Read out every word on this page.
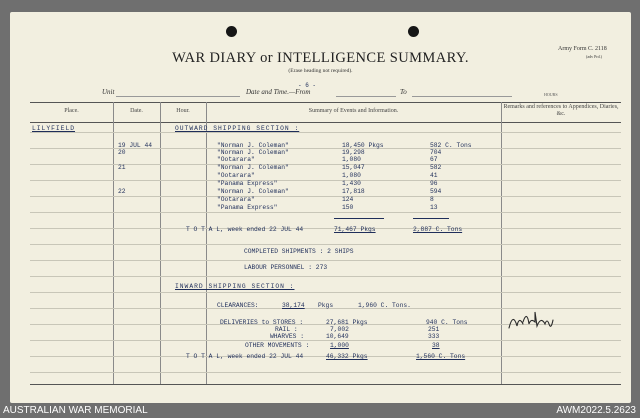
WAR DIARY or INTELLIGENCE SUMMARY.
(Erase heading not required).
Army Form C. 2118
(adv Prd.)
- 6 -
Unit	Date and Time.—From	To	HOURS
Place.	Date.	Hour.	Summary of Events and Information.
Remarks and references to Appendices, Diaries, &c.
LILYFIELD	OUTWARD SHIPPING SECTION :
19 JUL 44	"Norman J. Coleman"	18,450 Pkgs	582 C. Tons
20	"Norman J. Coleman"	19,298	704
"Ootarara"	1,080	67
21	"Norman J. Coleman"	15,047	582
"Ootarara"	1,080	41
"Panama Express"	1,430	96
22	"Norman J. Coleman"	17,818	594
"Ootarara"	124	8
"Panama Express"	150	13
T O T A L, week ended 22 JUL 44	71,467 Pkgs	2,887 C. Tons
COMPLETED SHIPMENTS : 2 SHIPS
LABOUR PERSONNEL : 273
INWARD SHIPPING SECTION :
CLEARANCES:	38,174 Pkgs	1,960 C. Tons.
DELIVERIES to STORES :	27,681 Pkgs	940 C. Tons
RAIL :	7,002	251
WHARVES :	10,649	333
OTHER MOVEMENTS :	1,000	38
T O T A L, week ended 22 JUL 44	46,332 Pkgs	1,560 C. Tons
AUSTRALIAN WAR MEMORIAL	AWM2022.5.2623
